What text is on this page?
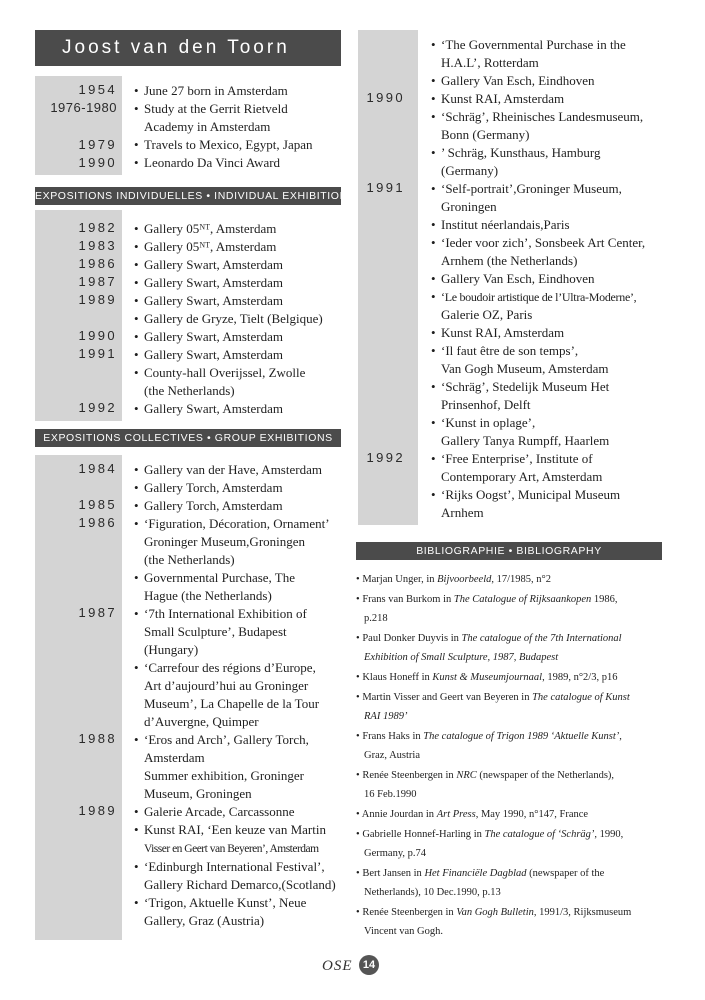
Joost van den Toorn
EXPOSITIONS INDIVIDUELLES • INDIVIDUAL EXHIBITIONS
EXPOSITIONS COLLECTIVES • GROUP EXHIBITIONS
BIBLIOGRAPHIE • BIBLIOGRAPHY
1954
1976-1980
1979
1990
• June 27 born in Amsterdam
• Study at the Gerrit Rietveld
Academy in Amsterdam
• Travels to Mexico, Egypt, Japan
• Leonardo Da Vinci Award
1982
1983
1986
1987
1989
1990
1991
1992
• Gallery 05ᴺᵀ, Amsterdam
• Gallery 05ᴺᵀ, Amsterdam
• Gallery Swart, Amsterdam
• Gallery Swart, Amsterdam
• Gallery Swart, Amsterdam
• Gallery de Gryze, Tielt (Belgique)
• Gallery Swart, Amsterdam
• Gallery Swart, Amsterdam
• County-hall Overijssel, Zwolle
(the Netherlands)
• Gallery Swart, Amsterdam
1984
1985
1986
1987
1988
1989
• Gallery van der Have, Amsterdam
• Gallery Torch, Amsterdam
• Gallery Torch, Amsterdam
• ‘Figuration, Décoration, Ornament’
Groninger Museum,Groningen
(the Netherlands)
• Governmental Purchase, The
Hague (the Netherlands)
• ‘7th International Exhibition of
Small Sculpture’, Budapest
(Hungary)
• ‘Carrefour des régions d’Europe,
Art d’aujourd’hui au Groninger
Museum’, La Chapelle de la Tour
d’Auvergne, Quimper
• ‘Eros and Arch’, Gallery Torch,
Amsterdam
Summer exhibition, Groninger
Museum, Groningen
• Galerie Arcade, Carcassonne
• Kunst RAI, ‘Een keuze van Martin
Visser en Geert van Beyeren’, Amsterdam
• ‘Edinburgh International Festival’,
Gallery Richard Demarco,(Scotland)
• ‘Trigon, Aktuelle Kunst’, Neue
Gallery, Graz (Austria)
1990
1991
1992
• ‘The Governmental Purchase in the
H.A.L’, Rotterdam
• Gallery Van Esch, Eindhoven
• Kunst RAI, Amsterdam
• ‘Schräg’, Rheinisches Landesmuseum,
Bonn (Germany)
• ’ Schräg, Kunsthaus, Hamburg
(Germany)
• ‘Self-portrait’,Groninger Museum,
Groningen
• Institut néerlandais,Paris
• ‘Ieder voor zich’, Sonsbeek Art Center,
Arnhem (the Netherlands)
• Gallery Van Esch, Eindhoven
• ‘Le boudoir artistique de l’Ultra-Moderne’,
Galerie OZ, Paris
• Kunst RAI, Amsterdam
• ‘Il faut être de son temps’,
Van Gogh Museum, Amsterdam
• ‘Schräg’, Stedelijk Museum Het
Prinsenhof, Delft
• ‘Kunst in oplage’,
Gallery Tanya Rumpff, Haarlem
• ‘Free Enterprise’, Institute of
Contemporary Art, Amsterdam
• ‘Rijks Oogst’, Municipal Museum
Arnhem
• Marjan Unger, in Bijvoorbeeld, 17/1985, n°2
• Frans van Burkom in The Catalogue of Rijksaankopen 1986,
p.218
• Paul Donker Duyvis in The catalogue of the 7th International
Exhibition of Small Sculpture, 1987, Budapest
• Klaus Honeff in Kunst & Museumjournaal, 1989, n°2/3, p16
• Martin Visser and Geert van Beyeren in The catalogue of Kunst
RAI 1989’
• Frans Haks in The catalogue of Trigon 1989 ‘Aktuelle Kunst’,
Graz, Austria
• Renée Steenbergen in NRC (newspaper of the Netherlands),
16 Feb.1990
• Annie Jourdan in Art Press, May 1990, n°147, France
• Gabrielle Honnef-Harling in The catalogue of ‘Schräg’, 1990,
Germany, p.74
• Bert Jansen in Het Financiële Dagblad (newspaper of the
Netherlands), 10 Dec.1990, p.13
• Renée Steenbergen in Van Gogh Bulletin, 1991/3, Rijksmuseum
Vincent van Gogh.
OSE 14
